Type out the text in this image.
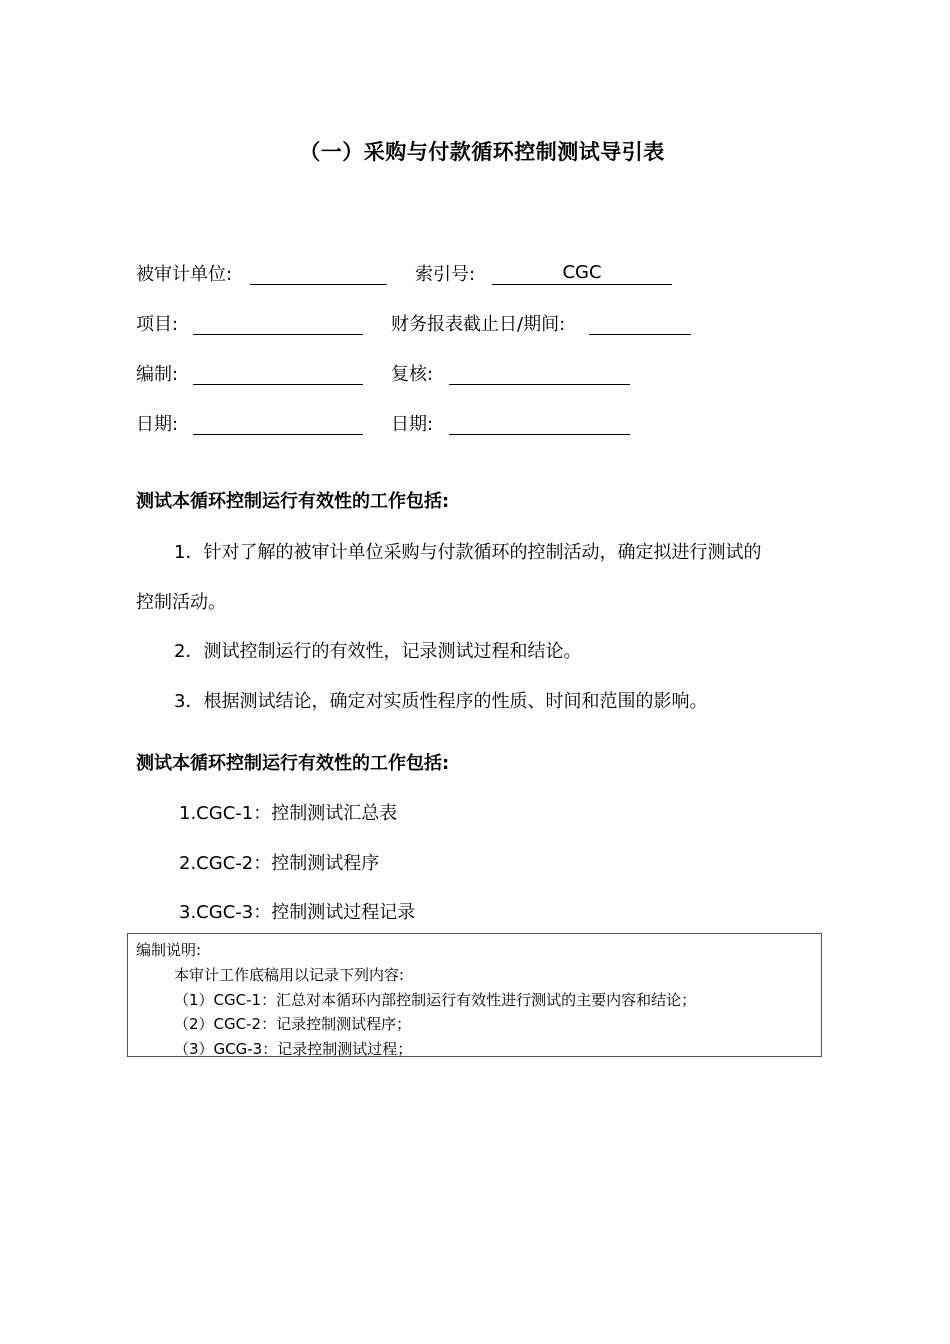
（一）采购与付款循环控制测试导引表
被审计单位:	索引号:	CGC
项目:	财务报表截止日/期间:
编制:	复核:
日期:	日期:
测试本循环控制运行有效性的工作包括:
1．针对了解的被审计单位采购与付款循环的控制活动，确定拟进行测试的
控制活动。
2．测试控制运行的有效性，记录测试过程和结论。
3．根据测试结论，确定对实质性程序的性质、时间和范围的影响。
测试本循环控制运行有效性的工作包括:
1.CGC-1：控制测试汇总表
2.CGC-2：控制测试程序
3.CGC-3：控制测试过程记录
编制说明:
本审计工作底稿用以记录下列内容:
（1）CGC-1：汇总对本循环内部控制运行有效性进行测试的主要内容和结论；
（2）CGC-2：记录控制测试程序；
（3）GCG-3：记录控制测试过程；
